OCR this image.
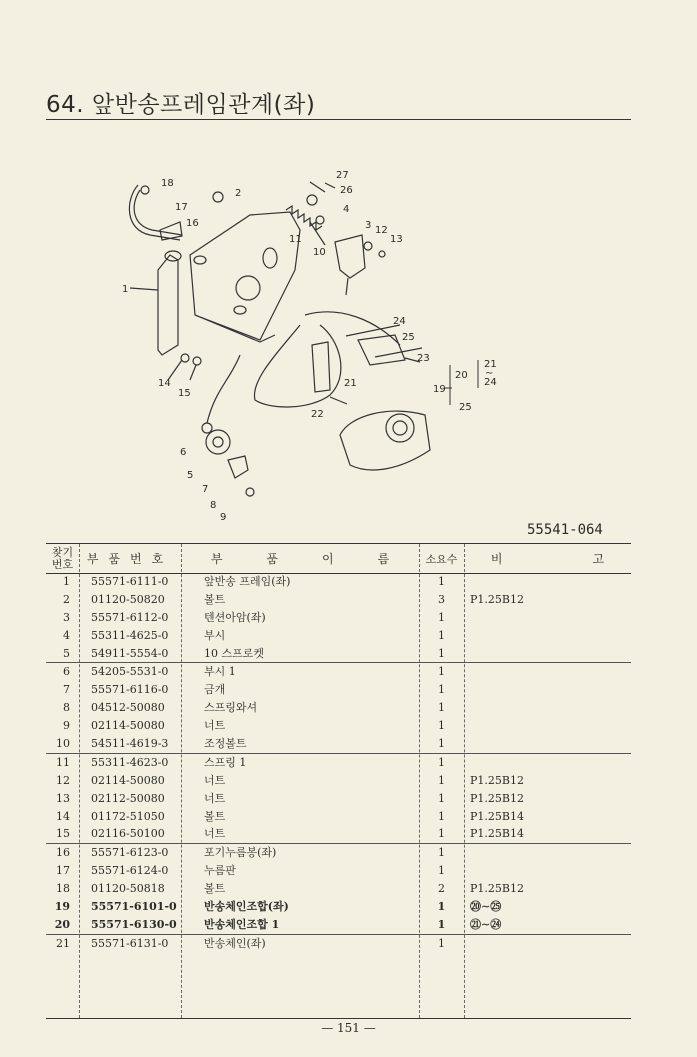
64. 앞반송프레임관계(좌)
1
2
3
4
5
6
7
8
9
10
11
12
13
14
15
16
17
18
21
22
23
24
25
26
27
19
20
21
∼
24
25
55541-064
찾기
번호	부품번호	부	품	이	름	소요수	비	고
1 55571-6111-0	앞반송 프레임(좌)	1
2 01120-50820	볼트	3	P1.25B12
3 55571-6112-0	텐션아암(좌)	1
4 55311-4625-0	부시	1
5 54911-5554-0	10 스프로켓	1
6 54205-5531-0	부시 1	1
7 55571-6116-0	금개	1
8 04512-50080	스프링와셔	1
9 02114-50080	너트	1
10 54511-4619-3	조정볼트	1
11 55311-4623-0	스프링 1	1
12 02114-50080	너트	1	P1.25B12
13 02112-50080	너트	1	P1.25B12
14 01172-51050	볼트	1	P1.25B14
15 02116-50100	너트	1	P1.25B14
16 55571-6123-0	포기누름봉(좌)	1
17 55571-6124-0	누름판	1
18 01120-50818	볼트	2	P1.25B12
19 55571-6101-0 반송체인조합(좌)	1	⑳∼㉕
20 55571-6130-0 반송체인조합 1	1	㉑∼㉔
21 55571-6131-0	반송체인(좌)	1
— 151 —
